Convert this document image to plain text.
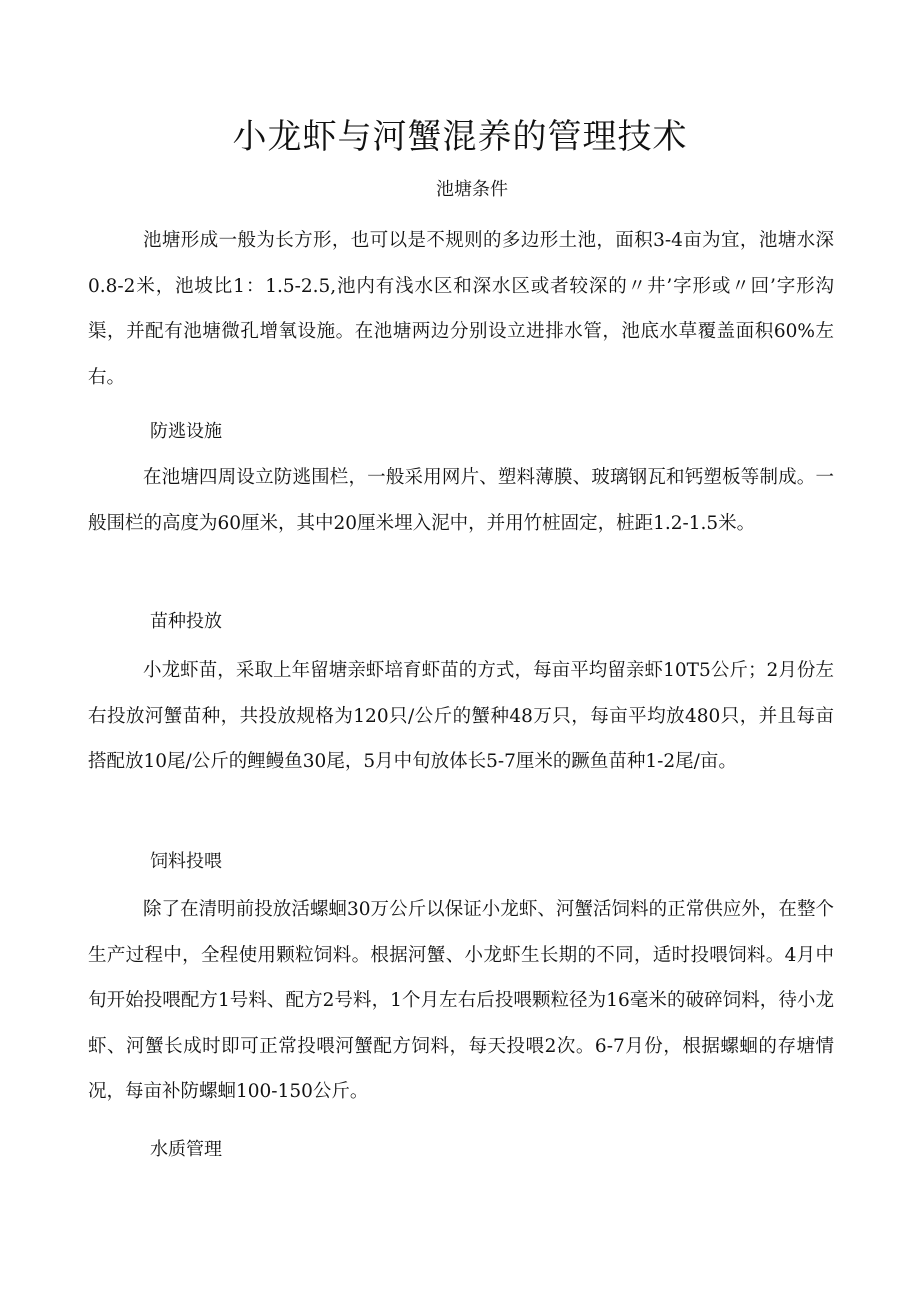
小龙虾与河蟹混养的管理技术
池塘条件

池塘形成一般为长方形，也可以是不规则的多边形土池，面积3-4亩为宜，池塘水深0.8-2米，池坡比1：1.5-2.5,池内有浅水区和深水区或者较深的〃井’字形或〃回’字形沟渠，并配有池塘微孔增氧设施。在池塘两边分别设立进排水管，池底水草覆盖面积60%左右。

防逃设施

在池塘四周设立防逃围栏，一般采用网片、塑料薄膜、玻璃钢瓦和钙塑板等制成。一般围栏的高度为60厘米，其中20厘米埋入泥中，并用竹桩固定，桩距1.2-1.5米。

苗种投放

小龙虾苗，采取上年留塘亲虾培育虾苗的方式，每亩平均留亲虾10T5公斤；2月份左右投放河蟹苗种，共投放规格为120只/公斤的蟹种48万只，每亩平均放480只，并且每亩搭配放10尾/公斤的鲤鳗鱼30尾，5月中旬放体长5-7厘米的蹶鱼苗种1-2尾/亩。

饲料投喂

除了在清明前投放活螺蛔30万公斤以保证小龙虾、河蟹活饲料的正常供应外，在整个生产过程中，全程使用颗粒饲料。根据河蟹、小龙虾生长期的不同，适时投喂饲料。4月中旬开始投喂配方1号料、配方2号料，1个月左右后投喂颗粒径为16毫米的破碎饲料，待小龙虾、河蟹长成时即可正常投喂河蟹配方饲料，每天投喂2次。6-7月份，根据螺蛔的存塘情况，每亩补防螺蛔100-150公斤。

水质管理
